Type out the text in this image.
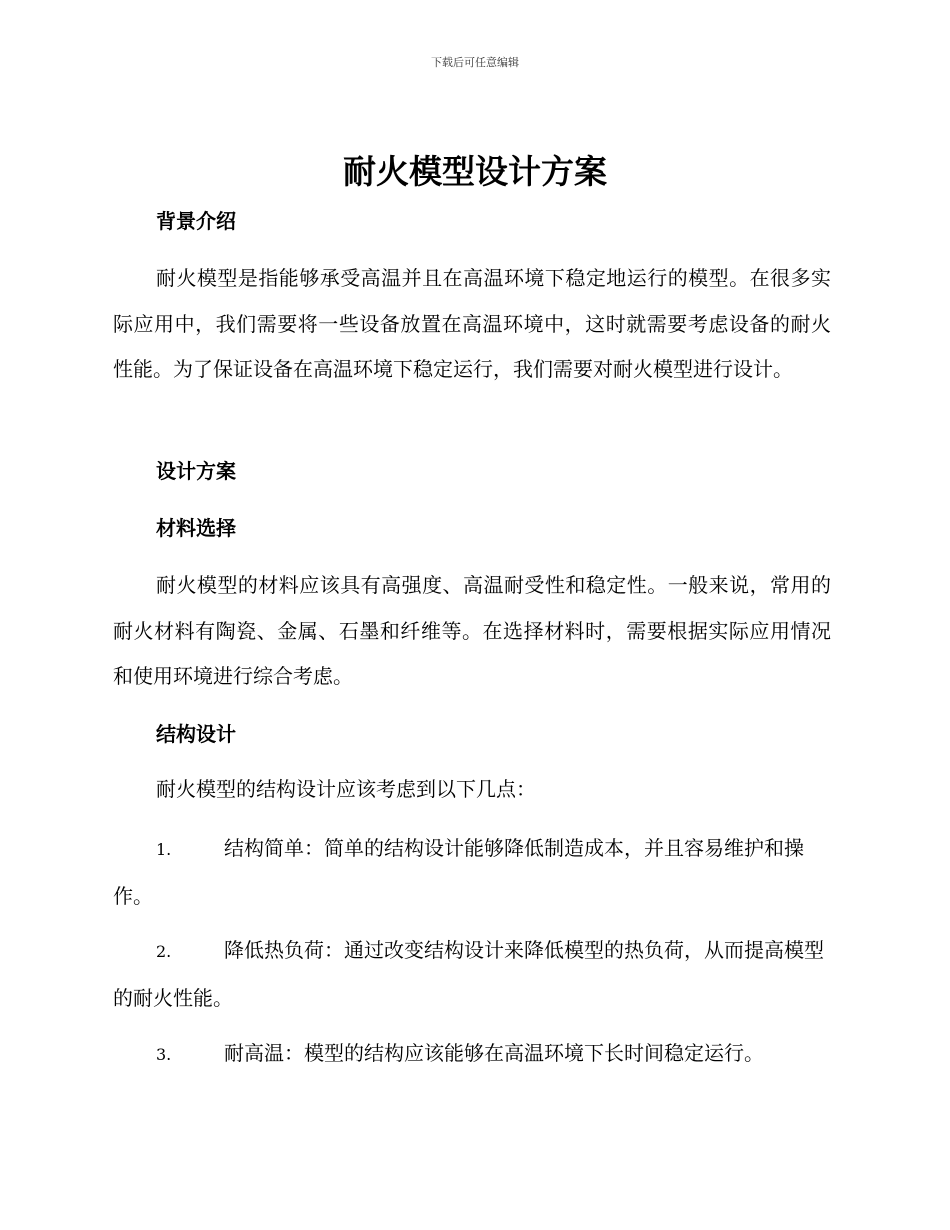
下载后可任意编辑
耐火模型设计方案
背景介绍
耐火模型是指能够承受高温并且在高温环境下稳定地运行的模型。在很多实际应用中，我们需要将一些设备放置在高温环境中，这时就需要考虑设备的耐火性能。为了保证设备在高温环境下稳定运行，我们需要对耐火模型进行设计。
设计方案
材料选择
耐火模型的材料应该具有高强度、高温耐受性和稳定性。一般来说，常用的耐火材料有陶瓷、金属、石墨和纤维等。在选择材料时，需要根据实际应用情况和使用环境进行综合考虑。
结构设计
耐火模型的结构设计应该考虑到以下几点：
1.	结构简单：简单的结构设计能够降低制造成本，并且容易维护和操作。
2.	降低热负荷：通过改变结构设计来降低模型的热负荷，从而提高模型的耐火性能。
3.	耐高温：模型的结构应该能够在高温环境下长时间稳定运行。
